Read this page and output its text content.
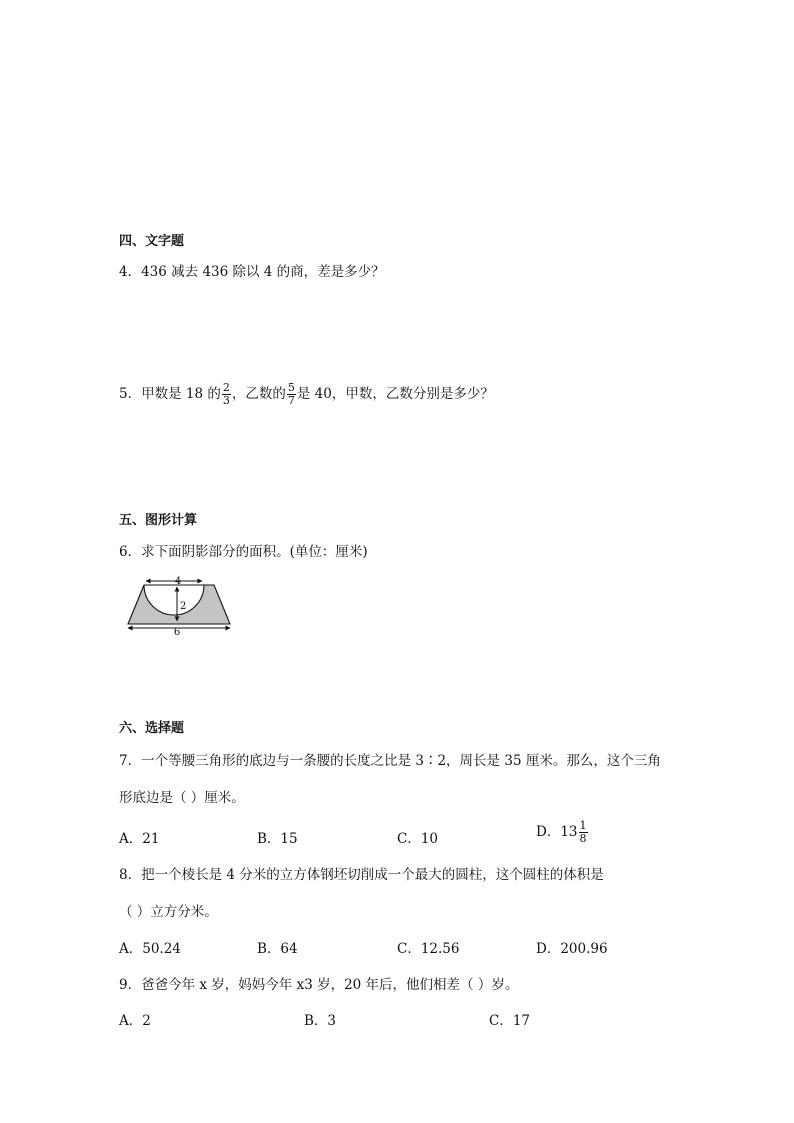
四、文字题
4．436 减去 436 除以 4 的商，差是多少？
5．甲数是 18 的 $\frac{2}{3}$ ，乙数的 $\frac{5}{7}$ 是 40，甲数，乙数分别是多少？
五、图形计算
6．求下面阴影部分的面积。(单位：厘米)
4
2
6
六、选择题
7．一个等腰三角形的底边与一条腰的长度之比是 3∶2，周长是 35 厘米。那么，这个三角
形底边是（ ）厘米。
A．21	B．15	C．10	D．$13 \frac{1}{8}$
8．把一个棱长是 4 分米的立方体钢坯切削成一个最大的圆柱，这个圆柱的体积是
（ ）立方分米。
A．50.24	B．64	C．12.56	D．200.96
9．爸爸今年 x 岁，妈妈今年 x3 岁，20 年后，他们相差（ ）岁。
A．2	B．3	C．17
